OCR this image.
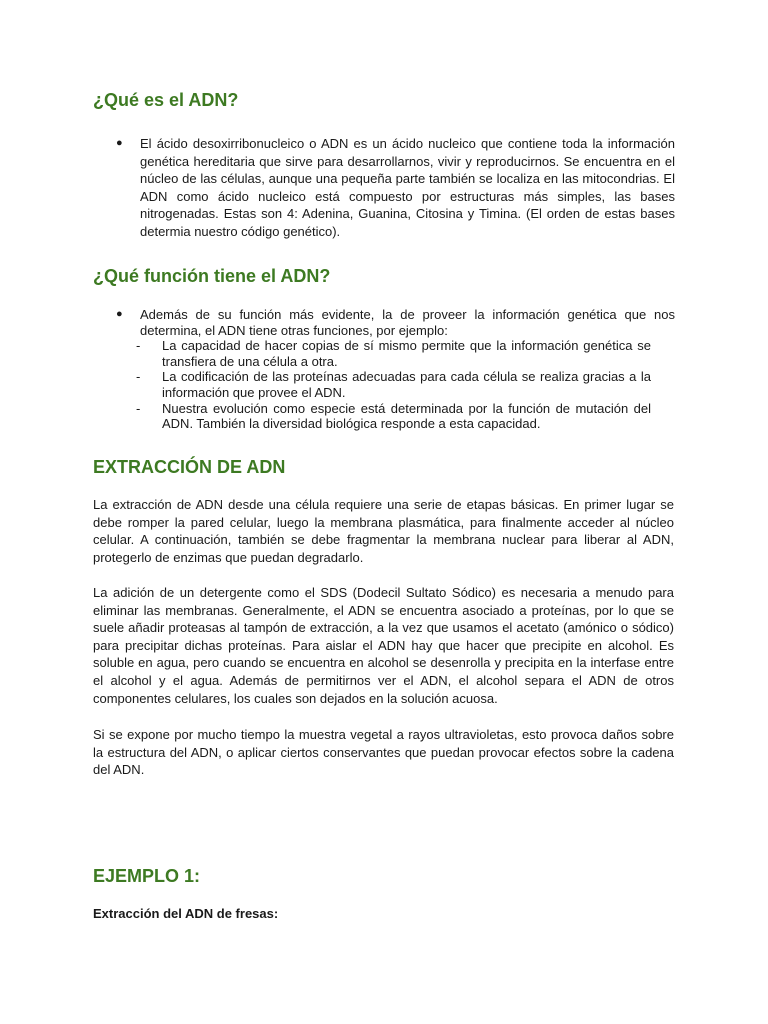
¿Qué es el ADN?
● El ácido desoxirribonucleico o ADN es un ácido nucleico que contiene toda la información genética hereditaria que sirve para desarrollarnos, vivir y reproducirnos. Se encuentra en el núcleo de las células, aunque una pequeña parte también se localiza en las mitocondrias. El ADN como ácido nucleico está compuesto por estructuras más simples, las bases nitrogenadas. Estas son 4: Adenina, Guanina, Citosina y Timina. (El orden de estas bases determia nuestro código genético).

¿Qué función tiene el ADN?
● Además de su función más evidente, la de proveer la información genética que nos determina, el ADN tiene otras funciones, por ejemplo:

- La capacidad de hacer copias de sí mismo permite que la información genética se transfiera de una célula a otra.
- La codificación de las proteínas adecuadas para cada célula se realiza gracias a la información que provee el ADN.
- Nuestra evolución como especie está determinada por la función de mutación del ADN. También la diversidad biológica responde a esta capacidad.
EXTRACCIÓN DE ADN

La extracción de ADN desde una célula requiere una serie de etapas básicas. En primer lugar se debe romper la pared celular, luego la membrana plasmática, para finalmente acceder al núcleo celular. A continuación, también se debe fragmentar la membrana nuclear para liberar al ADN, protegerlo de enzimas que puedan degradarlo.

La adición de un detergente como el SDS (Dodecil Sultato Sódico) es necesaria a menudo para eliminar las membranas. Generalmente, el ADN se encuentra asociado a proteínas, por lo que se suele añadir proteasas al tampón de extracción, a la vez que usamos el acetato (amónico o sódico) para precipitar dichas proteínas. Para aislar el ADN hay que hacer que precipite en alcohol. Es soluble en agua, pero cuando se encuentra en alcohol se desenrolla y precipita en la interfase entre el alcohol y el agua. Además de permitirnos ver el ADN, el alcohol separa el ADN de otros componentes celulares, los cuales son dejados en la solución acuosa.

Si se expone por mucho tiempo la muestra vegetal a rayos ultravioletas, esto provoca daños sobre la estructura del ADN, o aplicar ciertos conservantes que puedan provocar efectos sobre la cadena del ADN.

EJEMPLO 1:

Extracción del ADN de fresas:
